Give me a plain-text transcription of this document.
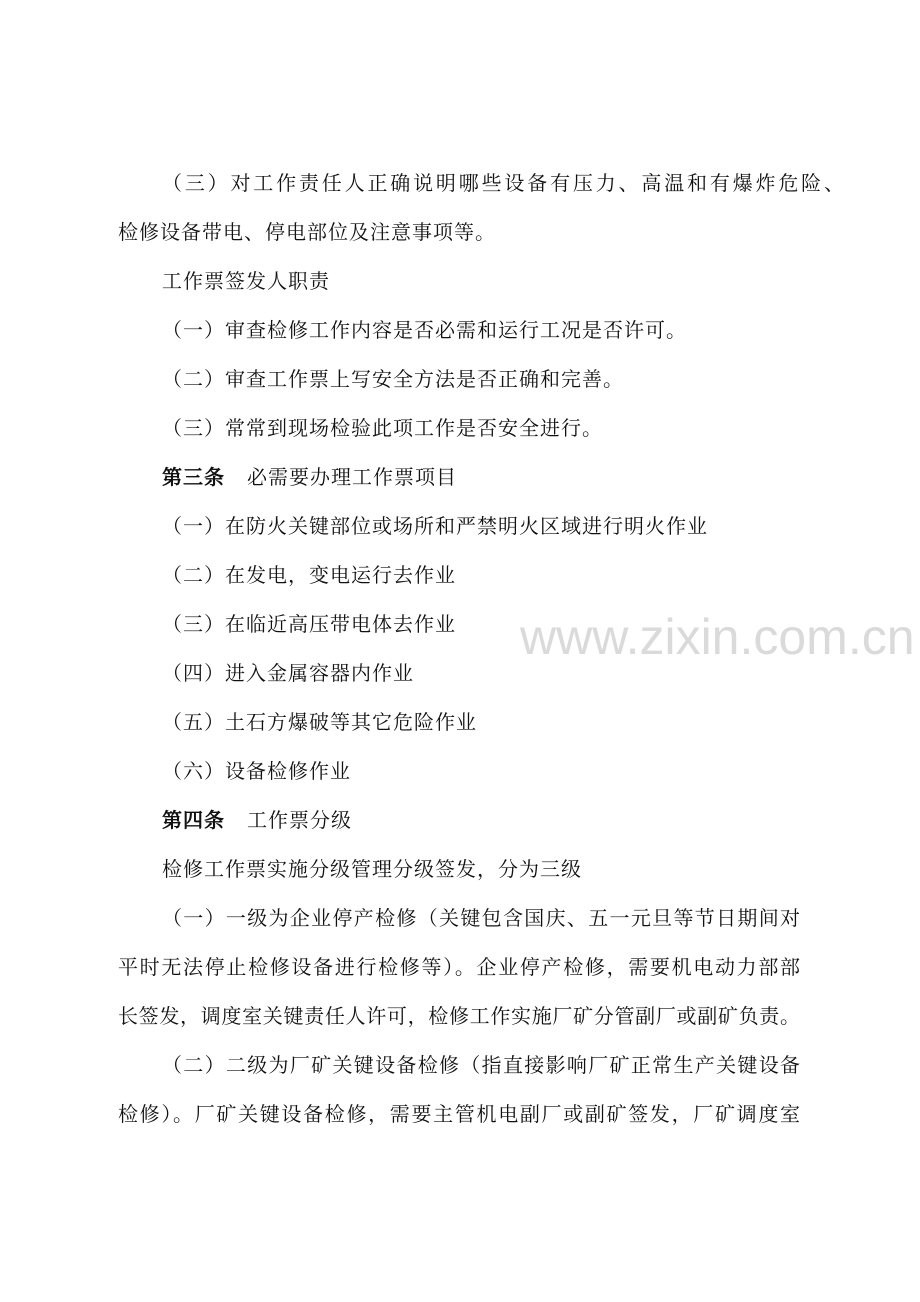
（三）对工作责任人正确说明哪些设备有压力、高温和有爆炸危险、
检修设备带电、停电部位及注意事项等。
工作票签发人职责
（一）审查检修工作内容是否必需和运行工况是否许可。
（二）审查工作票上写安全方法是否正确和完善。
（三）常常到现场检验此项工作是否安全进行。
第三条 必需要办理工作票项目
（一）在防火关键部位或场所和严禁明火区域进行明火作业
（二）在发电，变电运行去作业
（三）在临近高压带电体去作业
（四）进入金属容器内作业
（五）土石方爆破等其它危险作业
（六）设备检修作业
第四条 工作票分级
检修工作票实施分级管理分级签发，分为三级
（一）一级为企业停产检修（关键包含国庆、五一元旦等节日期间对
平时无法停止检修设备进行检修等）。企业停产检修，需要机电动力部部
长签发，调度室关键责任人许可，检修工作实施厂矿分管副厂或副矿负责。
（二）二级为厂矿关键设备检修（指直接影响厂矿正常生产关键设备
检修）。厂矿关键设备检修，需要主管机电副厂或副矿签发，厂矿调度室
www.zixin.com.cn
